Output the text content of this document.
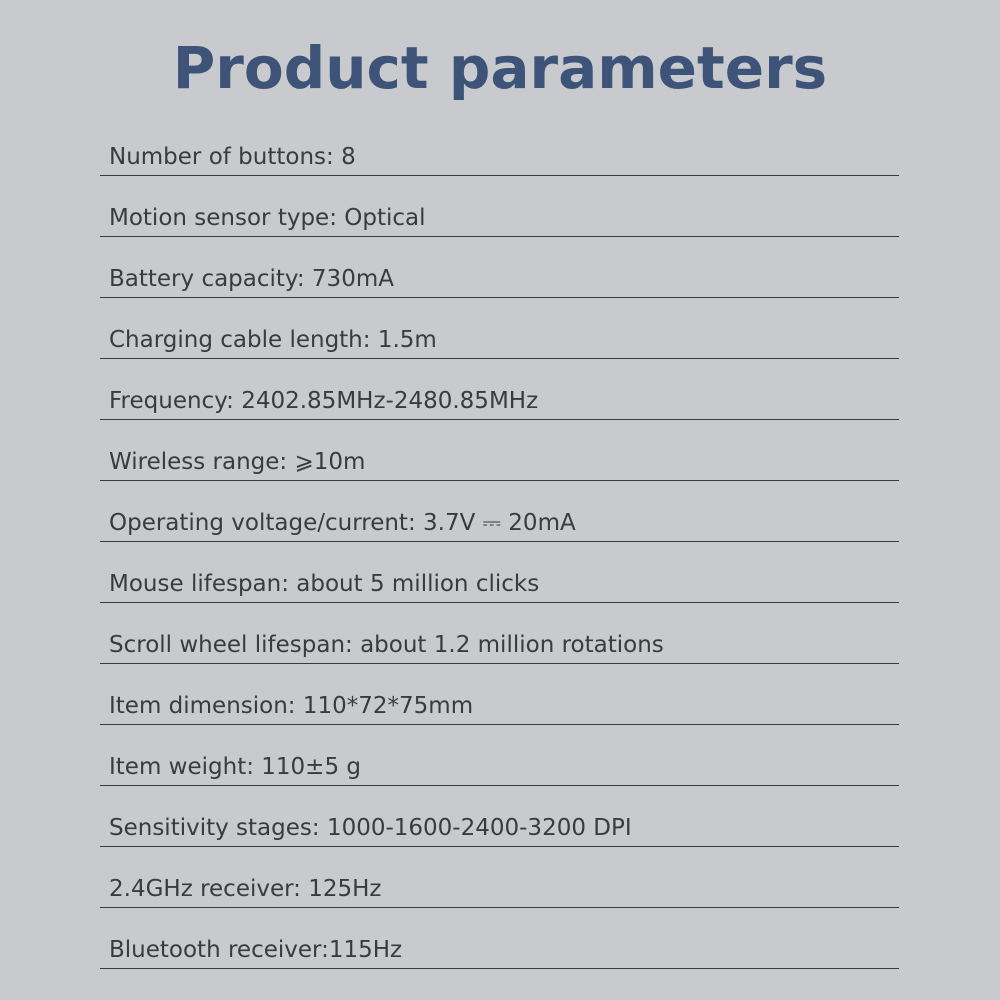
Product parameters
Number of buttons: 8
Motion sensor type: Optical
Battery capacity: 730mA
Charging cable length: 1.5m
Frequency: 2402.85MHz-2480.85MHz
Wireless range: ⩾10m
Operating voltage/current: 3.7V ⎓ 20mA
Mouse lifespan: about 5 million clicks
Scroll wheel lifespan: about 1.2 million rotations
Item dimension: 110*72*75mm
Item weight: 110±5 g
Sensitivity stages: 1000-1600-2400-3200 DPI
2.4GHz receiver: 125Hz
Bluetooth receiver:115Hz
